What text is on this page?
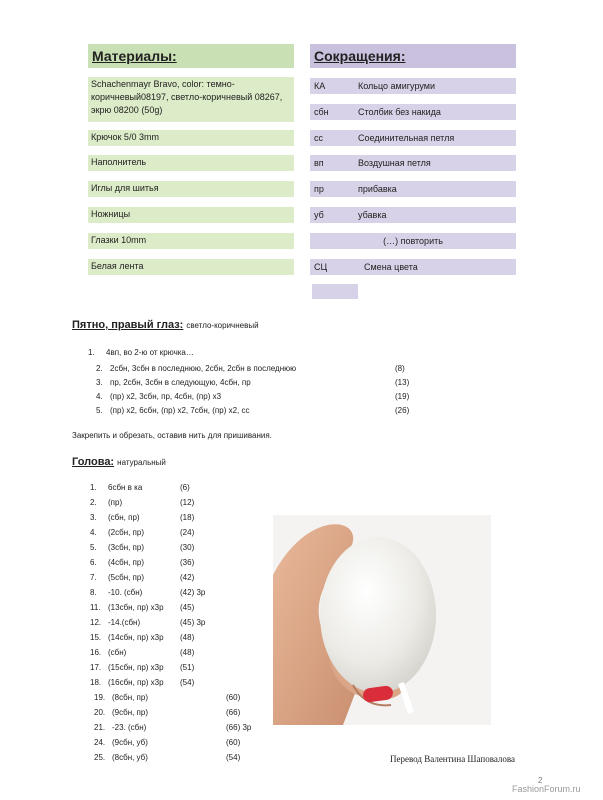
Материалы:
Schachenmayr Bravo, color: темно-коричневый08197, светло-коричневый 08267, экрю 08200 (50g)
Крючок 5/0 3mm
Наполнитель
Иглы для шитья
Ножницы
Глазки 10mm
Белая лента
Сокращения:
КА	Кольцо амигуруми
сбн	Столбик без накида
сс	Соединительная петля
вп	Воздушная петля
пр	прибавка
уб	убавка
(…) повторить
СЦ	Смена цвета
Пятно, правый глаз: светло-коричневый
1. 4вп, во 2-ю от крючка…
2. 2сбн, 3сбн в последнюю, 2сбн, 2сбн в последнюю	(8)
3. пр, 2сбн, 3сбн в следующую, 4сбн, пр	(13)
4. (пр) х2, 3сбн, пр, 4сбн, (пр) х3	(19)
5. (пр) х2, 6сбн, (пр) х2, 7сбн, (пр) х2, сс	(26)
Закрепить и обрезать, оставив нить для пришивания.
Голова: натуральный
1. 6сбн в ка	(6)
2. (пр)	(12)
3. (сбн, пр)	(18)
4. (2сбн, пр)	(24)
5. (3сбн, пр)	(30)
6. (4сбн, пр)	(36)
7. (5сбн, пр)	(42)
8. -10. (сбн)	(42) 3р
11. (13сбн, пр) х3р (45)
12. -14.(сбн)	(45) 3р
15. (14сбн, пр) х3р (48)
16. (сбн)	(48)
17. (15сбн, пр) х3р (51)
18. (16сбн, пр) х3р (54)
19. (8сбн, пр)	(60)
20. (9сбн, пр)	(66)
21. -23. (сбн)	(66) 3р
24. (9сбн, уб)	(60)
25. (8сбн, уб)	(54)	Перевод Валентина Шаповалова
FashionForum.ru
2
